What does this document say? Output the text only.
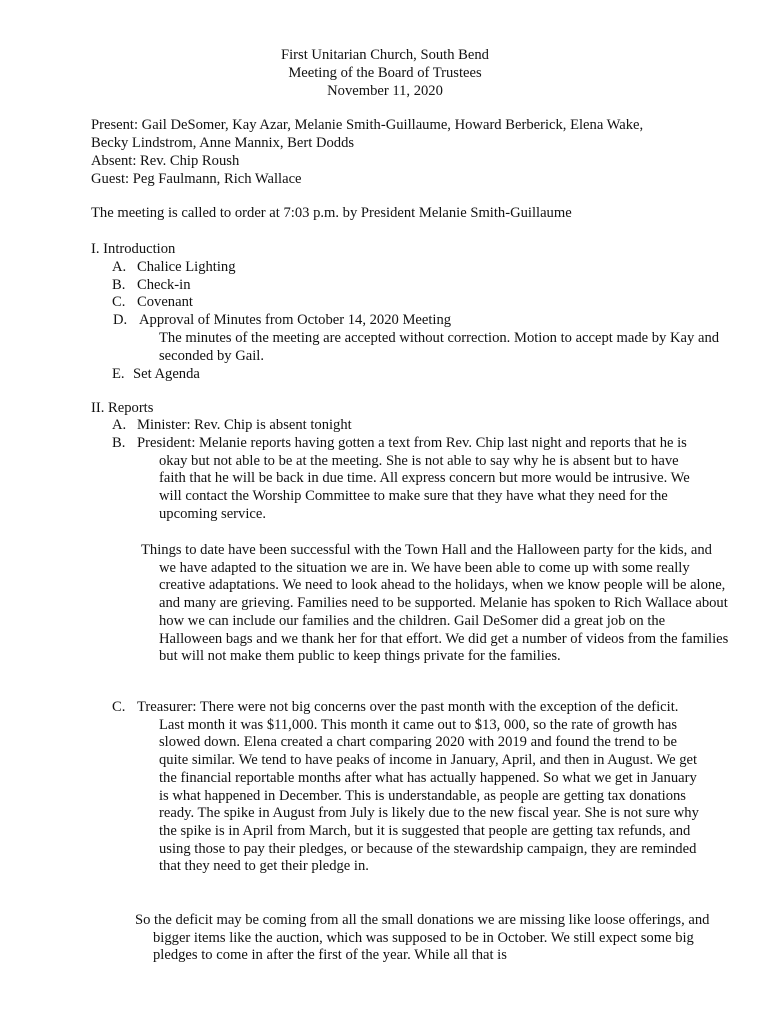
First Unitarian Church, South Bend
Meeting of the Board of Trustees
November 11, 2020
Present: Gail DeSomer, Kay Azar, Melanie Smith-Guillaume, Howard Berberick, Elena Wake,
Becky Lindstrom, Anne Mannix, Bert Dodds
Absent: Rev. Chip Roush
Guest: Peg Faulmann, Rich Wallace
The meeting is called to order at 7:03 p.m. by President Melanie Smith-Guillaume
I. Introduction
A. Chalice Lighting
B. Check-in
C. Covenant
D. Approval of Minutes from October 14, 2020 Meeting
The minutes of the meeting are accepted without correction. Motion to accept made by Kay and seconded by Gail.
E. Set Agenda
II. Reports
A. Minister: Rev. Chip is absent tonight
B. President: Melanie reports having gotten a text from Rev. Chip last night and reports that he is okay but not able to be at the meeting. She is not able to say why he is absent but to have faith that he will be back in due time. All express concern but more would be intrusive. We will contact the Worship Committee to make sure that they have what they need for the upcoming service.
Things to date have been successful with the Town Hall and the Halloween party for the kids, and we have adapted to the situation we are in. We have been able to come up with some really creative adaptations. We need to look ahead to the holidays, when we know people will be alone, and many are grieving. Families need to be supported. Melanie has spoken to Rich Wallace about how we can include our families and the children. Gail DeSomer did a great job on the Halloween bags and we thank her for that effort. We did get a number of videos from the families but will not make them public to keep things private for the families.
C. Treasurer: There were not big concerns over the past month with the exception of the deficit. Last month it was $11,000. This month it came out to $13, 000, so the rate of growth has slowed down. Elena created a chart comparing 2020 with 2019 and found the trend to be quite similar. We tend to have peaks of income in January, April, and then in August. We get the financial reportable months after what has actually happened. So what we get in January is what happened in December. This is understandable, as people are getting tax donations ready. The spike in August from July is likely due to the new fiscal year. She is not sure why the spike is in April from March, but it is suggested that people are getting tax refunds, and using those to pay their pledges, or because of the stewardship campaign, they are reminded that they need to get their pledge in.
So the deficit may be coming from all the small donations we are missing like loose offerings, and bigger items like the auction, which was supposed to be in October. We still expect some big pledges to come in after the first of the year. While all that is
